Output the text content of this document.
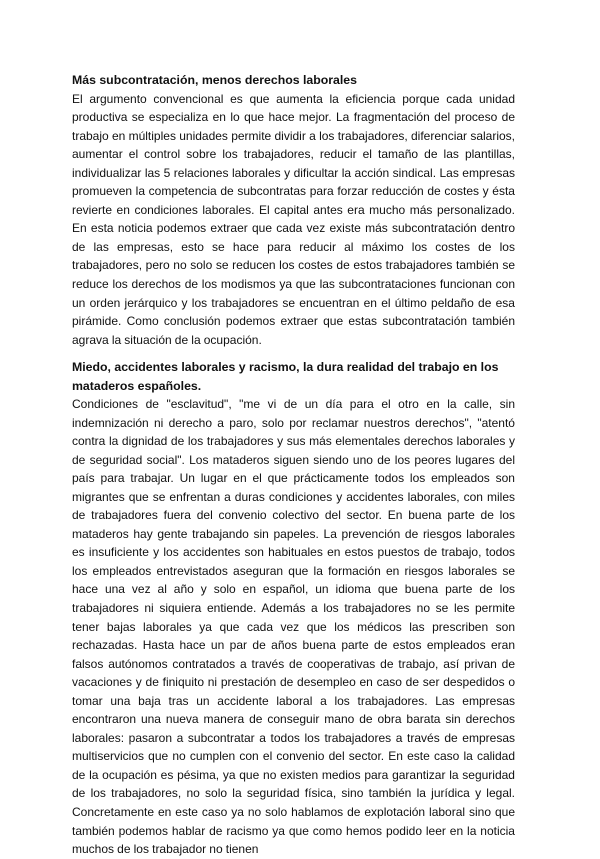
Más subcontratación, menos derechos laborales

El argumento convencional es que aumenta la eficiencia porque cada unidad productiva se especializa en lo que hace mejor. La fragmentación del proceso de trabajo en múltiples unidades permite dividir a los trabajadores, diferenciar salarios, aumentar el control sobre los trabajadores, reducir el tamaño de las plantillas, individualizar las 5 relaciones laborales y dificultar la acción sindical. Las empresas promueven la competencia de subcontratas para forzar reducción de costes y ésta revierte en condiciones laborales. El capital antes era mucho más personalizado. En esta noticia podemos extraer que cada vez existe más subcontratación dentro de las empresas, esto se hace para reducir al máximo los costes de los trabajadores, pero no solo se reducen los costes de estos trabajadores también se reduce los derechos de los modismos ya que las subcontrataciones funcionan con un orden jerárquico y los trabajadores se encuentran en el último peldaño de esa pirámide. Como conclusión podemos extraer que estas subcontratación también agrava la situación de la ocupación.

Miedo, accidentes laborales y racismo, la dura realidad del trabajo en los mataderos españoles.

Condiciones de "esclavitud", "me vi de un día para el otro en la calle, sin indemnización ni derecho a paro, solo por reclamar nuestros derechos", "atentó contra la dignidad de los trabajadores y sus más elementales derechos laborales y de seguridad social". Los mataderos siguen siendo uno de los peores lugares del país para trabajar. Un lugar en el que prácticamente todos los empleados son migrantes que se enfrentan a duras condiciones y accidentes laborales, con miles de trabajadores fuera del convenio colectivo del sector. En buena parte de los mataderos hay gente trabajando sin papeles. La prevención de riesgos laborales es insuficiente y los accidentes son habituales en estos puestos de trabajo, todos los empleados entrevistados aseguran que la formación en riesgos laborales se hace una vez al año y solo en español, un idioma que buena parte de los trabajadores ni siquiera entiende. Además a los trabajadores no se les permite tener bajas laborales ya que cada vez que los médicos las prescriben son rechazadas. Hasta hace un par de años buena parte de estos empleados eran falsos autónomos contratados a través de cooperativas de trabajo, así privan de vacaciones y de finiquito ni prestación de desempleo en caso de ser despedidos o tomar una baja tras un accidente laboral a los trabajadores. Las empresas encontraron una nueva manera de conseguir mano de obra barata sin derechos laborales: pasaron a subcontratar a todos los trabajadores a través de empresas multiservicios que no cumplen con el convenio del sector. En este caso la calidad de la ocupación es pésima, ya que no existen medios para garantizar la seguridad de los trabajadores, no solo la seguridad física, sino también la jurídica y legal. Concretamente en este caso ya no solo hablamos de explotación laboral sino que también podemos hablar de racismo ya que como hemos podido leer en la noticia muchos de los trabajador no tienen
